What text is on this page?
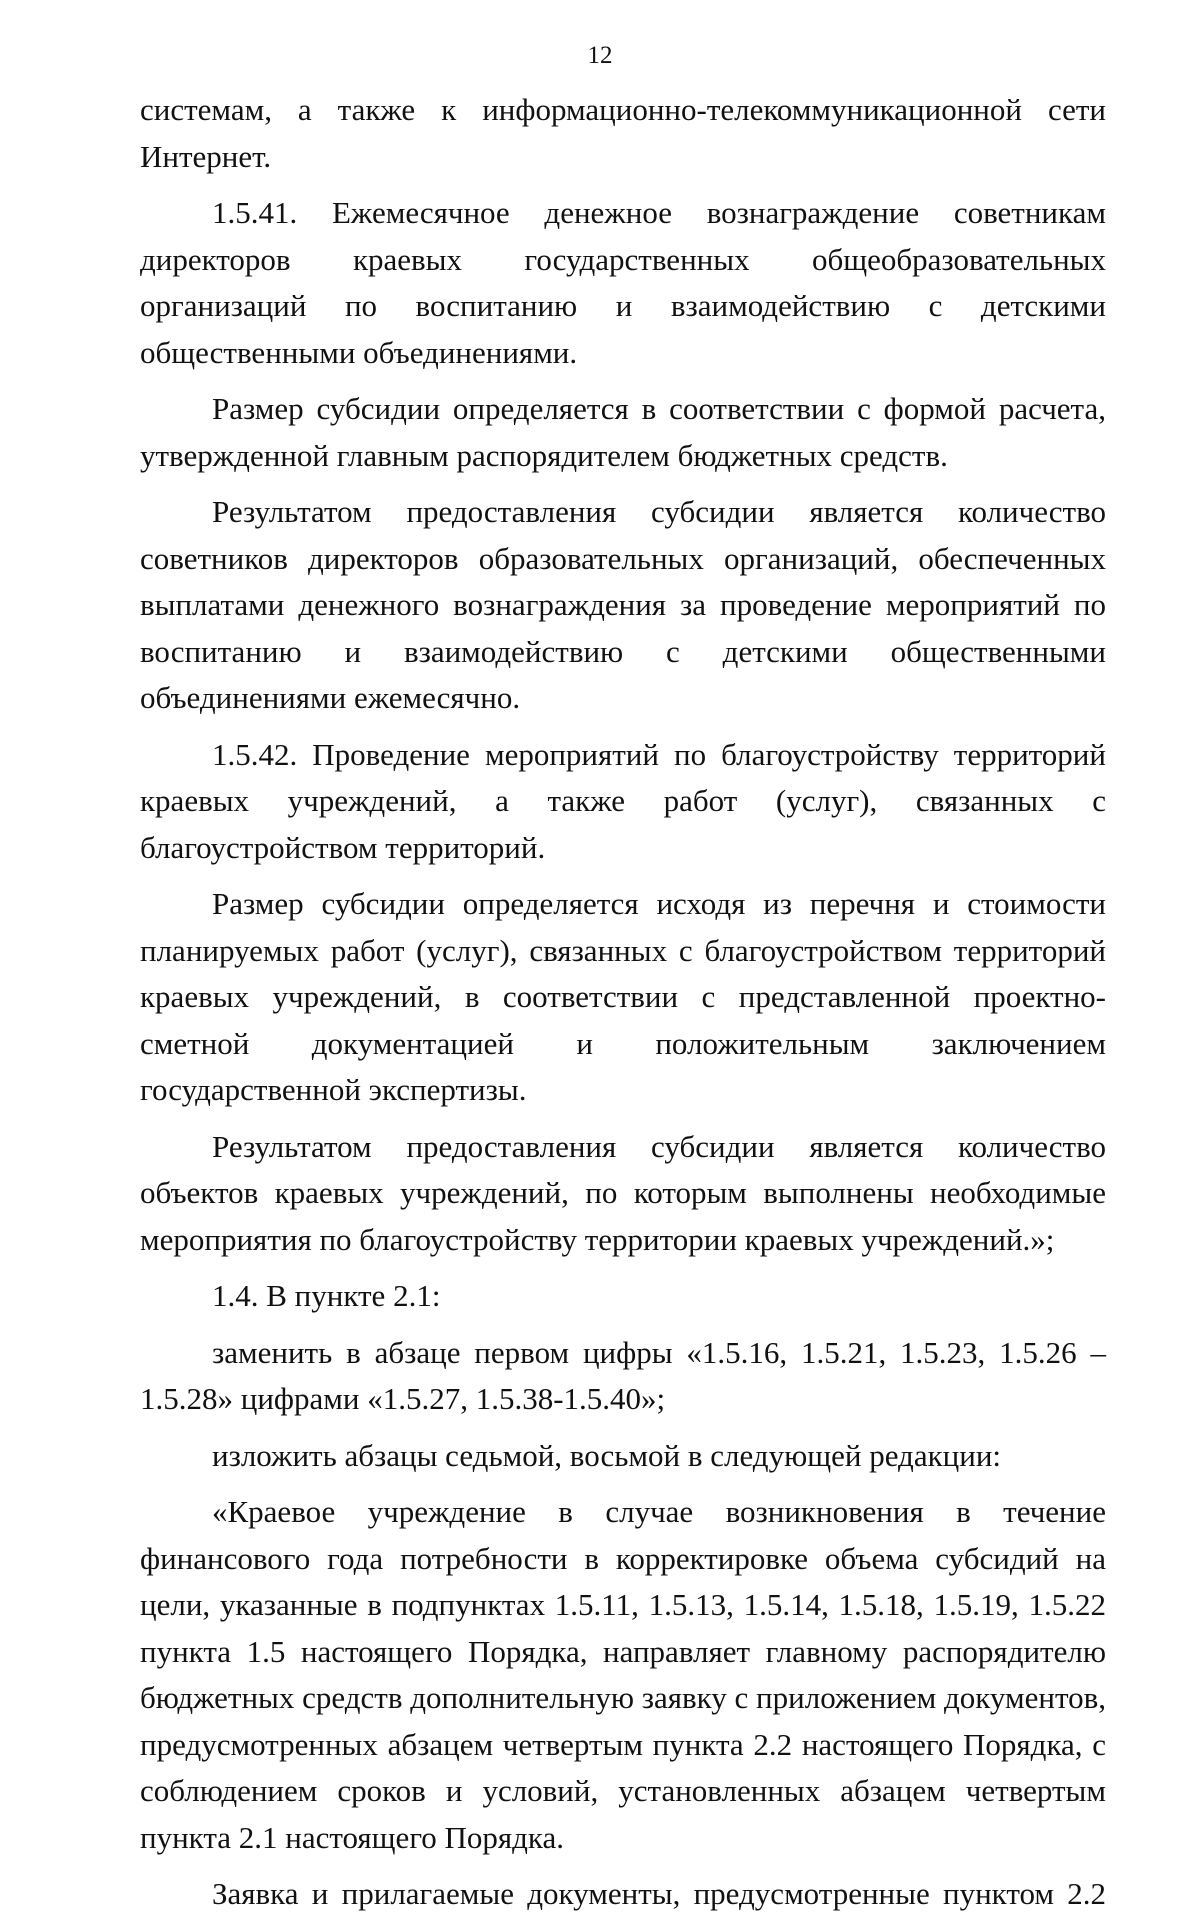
12

системам, а также к информационно-телекоммуникационной сети Интернет.

1.5.41. Ежемесячное денежное вознаграждение советникам директоров краевых государственных общеобразовательных организаций по воспитанию и взаимодействию с детскими общественными объединениями.

Размер субсидии определяется в соответствии с формой расчета, утвержденной главным распорядителем бюджетных средств.

Результатом предоставления субсидии является количество советников директоров образовательных организаций, обеспеченных выплатами денежного вознаграждения за проведение мероприятий по воспитанию и взаимодействию с детскими общественными объединениями ежемесячно.

1.5.42. Проведение мероприятий по благоустройству территорий краевых учреждений, а также работ (услуг), связанных с благоустройством территорий.

Размер субсидии определяется исходя из перечня и стоимости планируемых работ (услуг), связанных с благоустройством территорий краевых учреждений, в соответствии с представленной проектно-сметной документацией и положительным заключением государственной экспертизы.

Результатом предоставления субсидии является количество объектов краевых учреждений, по которым выполнены необходимые мероприятия по благоустройству территории краевых учреждений.»;

1.4. В пункте 2.1:

заменить в абзаце первом цифры «1.5.16, 1.5.21, 1.5.23, 1.5.26 – 1.5.28» цифрами «1.5.27, 1.5.38-1.5.40»;

изложить абзацы седьмой, восьмой в следующей редакции:

«Краевое учреждение в случае возникновения в течение финансового года потребности в корректировке объема субсидий на цели, указанные в подпунктах 1.5.11, 1.5.13, 1.5.14, 1.5.18, 1.5.19, 1.5.22 пункта 1.5 настоящего Порядка, направляет главному распорядителю бюджетных средств дополнительную заявку с приложением документов, предусмотренных абзацем четвертым пункта 2.2 настоящего Порядка, с соблюдением сроков и условий, установленных абзацем четвертым пункта 2.1 настоящего Порядка.

Заявка и прилагаемые документы, предусмотренные пунктом 2.2
